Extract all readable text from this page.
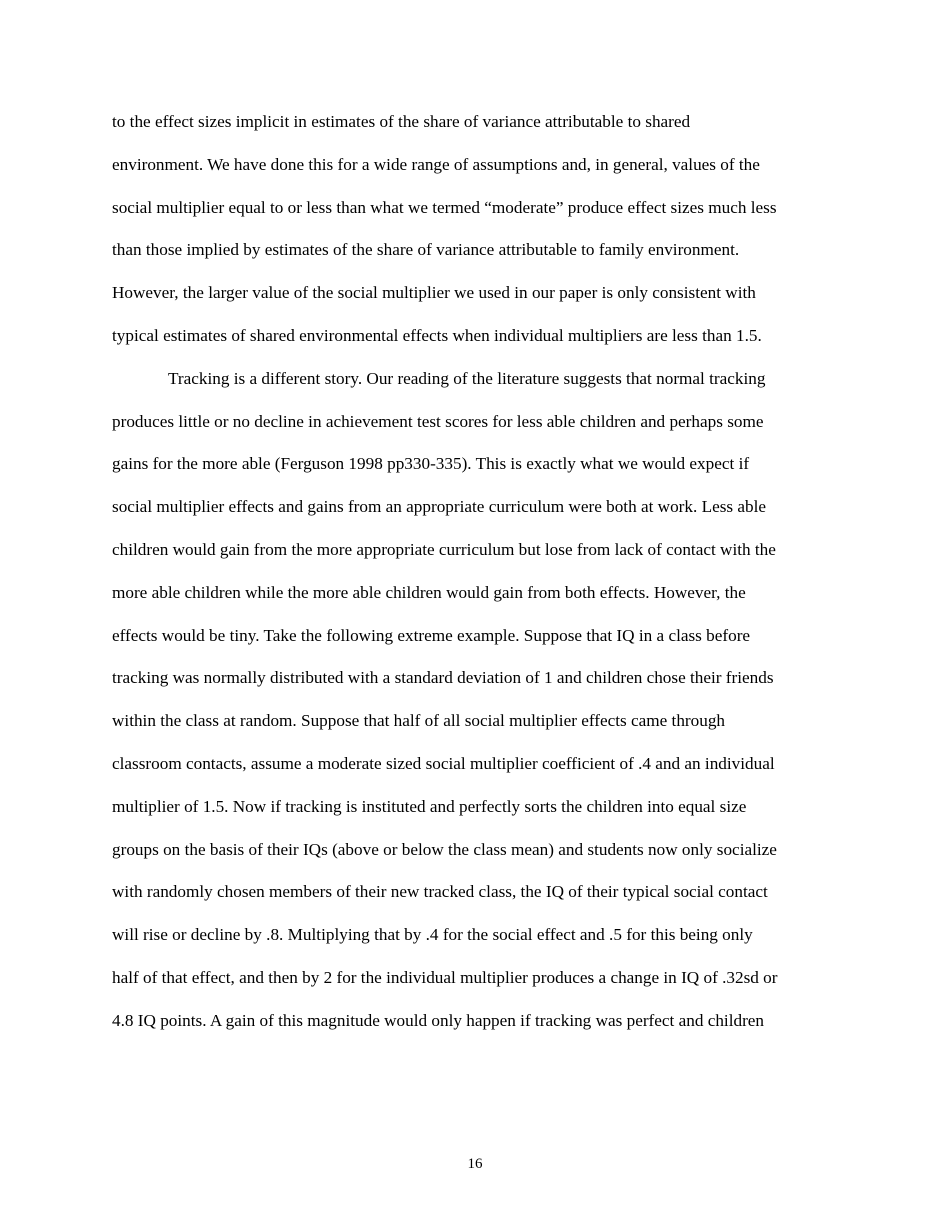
to the effect sizes implicit in estimates of the share of variance attributable to shared
environment. We have done this for a wide range of assumptions and, in general, values of the
social multiplier equal to or less than what we termed “moderate” produce effect sizes much less
than those implied by estimates of the share of variance attributable to family environment.
However, the larger value of the social multiplier we used in our paper is only consistent with
typical estimates of shared environmental effects when individual multipliers are less than 1.5.
Tracking is a different story. Our reading of the literature suggests that normal tracking
produces little or no decline in achievement test scores for less able children and perhaps some
gains for the more able (Ferguson 1998 pp330-335). This is exactly what we would expect if
social multiplier effects and gains from an appropriate curriculum were both at work. Less able
children would gain from the more appropriate curriculum but lose from lack of contact with the
more able children while the more able children would gain from both effects. However, the
effects would be tiny. Take the following extreme example. Suppose that IQ in a class before
tracking was normally distributed with a standard deviation of 1 and children chose their friends
within the class at random. Suppose that half of all social multiplier effects came through
classroom contacts, assume a moderate sized social multiplier coefficient of .4 and an individual
multiplier of 1.5. Now if tracking is instituted and perfectly sorts the children into equal size
groups on the basis of their IQs (above or below the class mean) and students now only socialize
with randomly chosen members of their new tracked class, the IQ of their typical social contact
will rise or decline by .8. Multiplying that by .4 for the social effect and .5 for this being only
half of that effect, and then by 2 for the individual multiplier produces a change in IQ of .32sd or
4.8 IQ points. A gain of this magnitude would only happen if tracking was perfect and children
16
